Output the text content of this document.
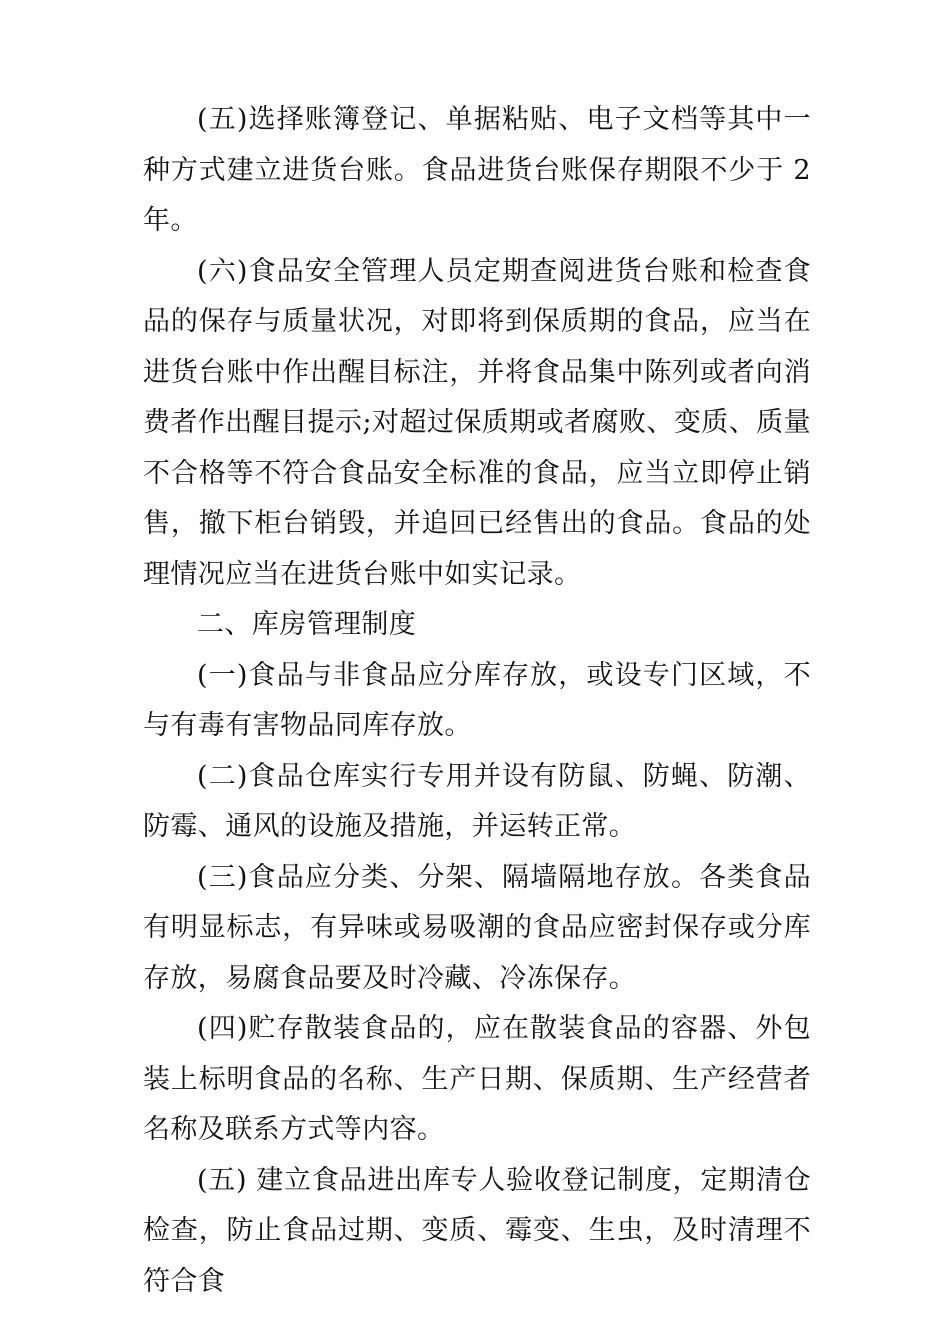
(五)选择账簿登记、单据粘贴、电子文档等其中一种方式建立进货台账。食品进货台账保存期限不少于 2 年。

(六)食品安全管理人员定期查阅进货台账和检查食品的保存与质量状况，对即将到保质期的食品，应当在进货台账中作出醒目标注，并将食品集中陈列或者向消费者作出醒目提示;对超过保质期或者腐败、变质、质量不合格等不符合食品安全标准的食品，应当立即停止销售，撤下柜台销毁，并追回已经售出的食品。食品的处理情况应当在进货台账中如实记录。

二、库房管理制度

(一)食品与非食品应分库存放，或设专门区域，不与有毒有害物品同库存放。

(二)食品仓库实行专用并设有防鼠、防蝇、防潮、防霉、通风的设施及措施，并运转正常。

(三)食品应分类、分架、隔墙隔地存放。各类食品有明显标志，有异味或易吸潮的食品应密封保存或分库存放，易腐食品要及时冷藏、冷冻保存。

(四)贮存散装食品的，应在散装食品的容器、外包装上标明食品的名称、生产日期、保质期、生产经营者名称及联系方式等内容。

(五) 建立食品进出库专人验收登记制度，定期清仓检查，防止食品过期、变质、霉变、生虫，及时清理不符合食
